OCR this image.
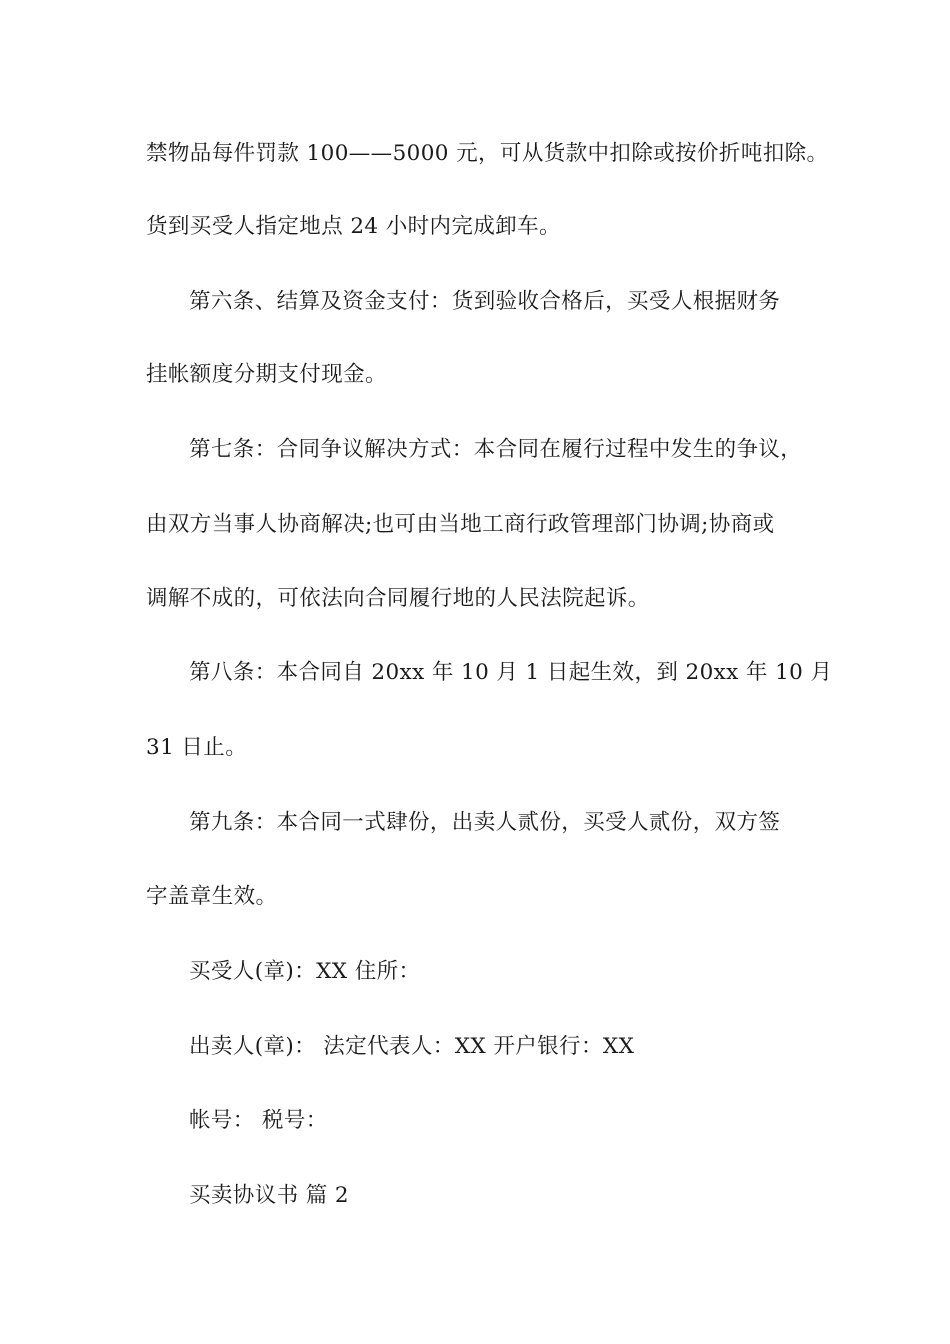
禁物品每件罚款 100——5000 元，可从货款中扣除或按价折吨扣除。
货到买受人指定地点 24 小时内完成卸车。
第六条、结算及资金支付：货到验收合格后，买受人根据财务
挂帐额度分期支付现金。
第七条：合同争议解决方式：本合同在履行过程中发生的争议，
由双方当事人协商解决;也可由当地工商行政管理部门协调;协商或
调解不成的，可依法向合同履行地的人民法院起诉。
第八条：本合同自 20xx 年 10 月 1 日起生效，到 20xx 年 10 月
31 日止。
第九条：本合同一式肆份，出卖人贰份，买受人贰份，双方签
字盖章生效。
买受人(章)：XX 住所：
出卖人(章)： 法定代表人：XX 开户银行：XX
帐号： 税号：
买卖协议书 篇 2
